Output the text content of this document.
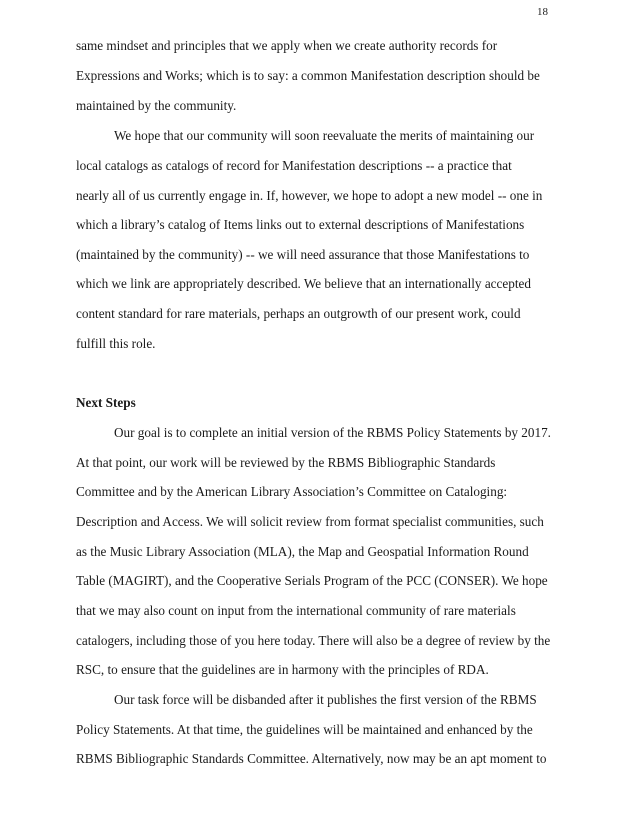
18
same mindset and principles that we apply when we create authority records for
Expressions and Works; which is to say: a common Manifestation description should be
maintained by the community.
We hope that our community will soon reevaluate the merits of maintaining our
local catalogs as catalogs of record for Manifestation descriptions -- a practice that
nearly all of us currently engage in. If, however, we hope to adopt a new model -- one in
which a library’s catalog of Items links out to external descriptions of Manifestations
(maintained by the community) -- we will need assurance that those Manifestations to
which we link are appropriately described. We believe that an internationally accepted
content standard for rare materials, perhaps an outgrowth of our present work, could
fulfill this role.
Next Steps
Our goal is to complete an initial version of the RBMS Policy Statements by 2017.
At that point, our work will be reviewed by the RBMS Bibliographic Standards
Committee and by the American Library Association’s Committee on Cataloging:
Description and Access. We will solicit review from format specialist communities, such
as the Music Library Association (MLA), the Map and Geospatial Information Round
Table (MAGIRT), and the Cooperative Serials Program of the PCC (CONSER). We hope
that we may also count on input from the international community of rare materials
catalogers, including those of you here today. There will also be a degree of review by the
RSC, to ensure that the guidelines are in harmony with the principles of RDA.
Our task force will be disbanded after it publishes the first version of the RBMS
Policy Statements. At that time, the guidelines will be maintained and enhanced by the
RBMS Bibliographic Standards Committee. Alternatively, now may be an apt moment to
